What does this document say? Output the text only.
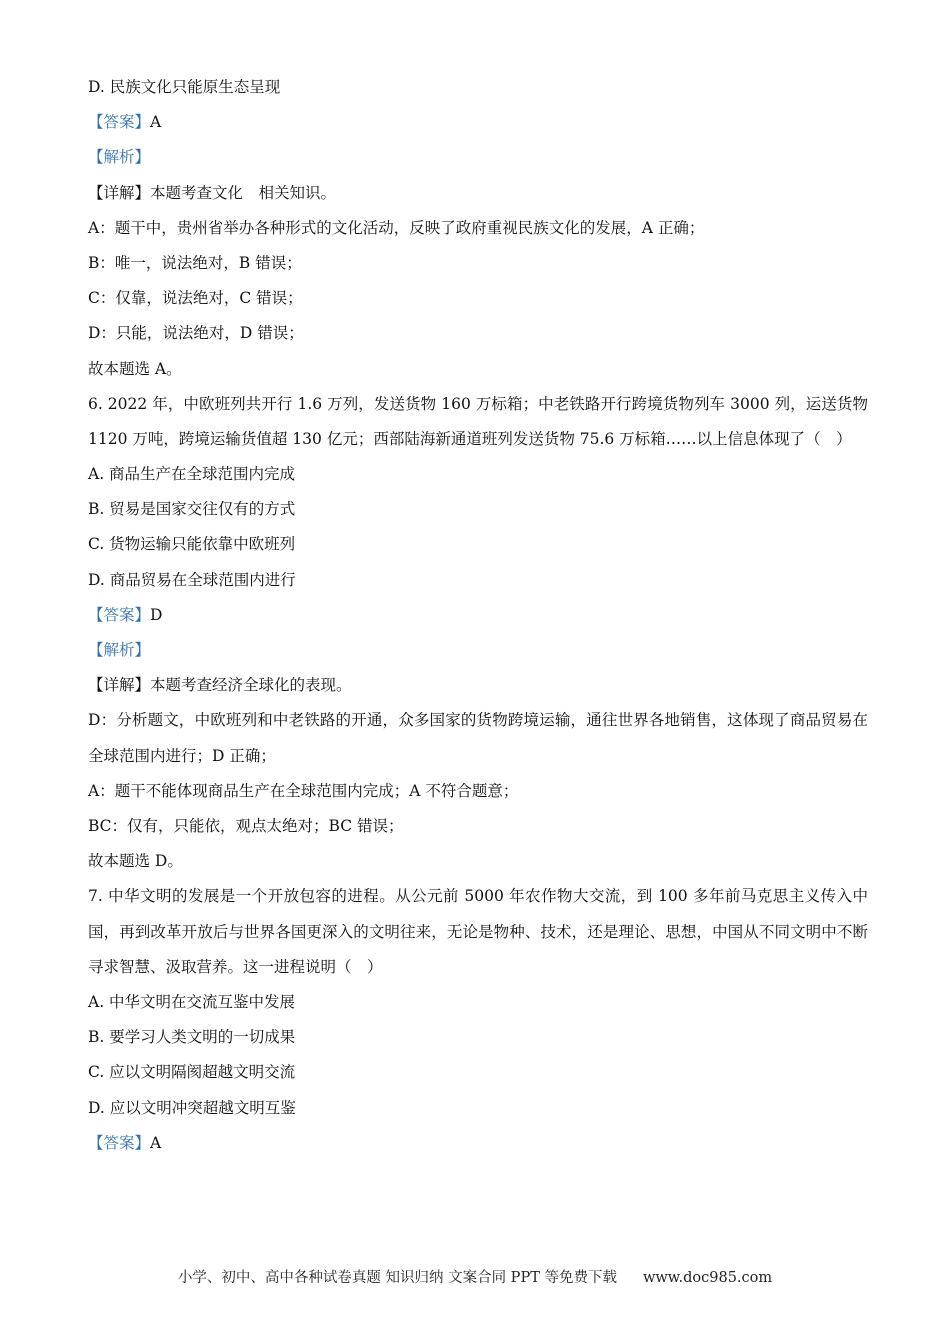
D. 民族文化只能原生态呈现
【答案】A
【解析】
【详解】本题考查文化　相关知识。
A：题干中，贵州省举办各种形式的文化活动，反映了政府重视民族文化的发展，A 正确；
B：唯一，说法绝对，B 错误；
C：仅靠，说法绝对，C 错误；
D：只能，说法绝对，D 错误；
故本题选 A。
6. 2022 年，中欧班列共开行 1.6 万列，发送货物 160 万标箱；中老铁路开行跨境货物列车 3000 列，运送货物 1120 万吨，跨境运输货值超 130 亿元；西部陆海新通道班列发送货物 75.6 万标箱……以上信息体现了（　）
A. 商品生产在全球范围内完成
B. 贸易是国家交往仅有的方式
C. 货物运输只能依靠中欧班列
D. 商品贸易在全球范围内进行
【答案】D
【解析】
【详解】本题考查经济全球化的表现。
D：分析题文，中欧班列和中老铁路的开通，众多国家的货物跨境运输，通往世界各地销售，这体现了商品贸易在全球范围内进行；D 正确；
A：题干不能体现商品生产在全球范围内完成；A 不符合题意；
BC：仅有，只能依，观点太绝对；BC 错误；
故本题选 D。
7. 中华文明的发展是一个开放包容的进程。从公元前 5000 年农作物大交流，到 100 多年前马克思主义传入中国，再到改革开放后与世界各国更深入的文明往来，无论是物种、技术，还是理论、思想，中国从不同文明中不断寻求智慧、汲取营养。这一进程说明（　）
A. 中华文明在交流互鉴中发展
B. 要学习人类文明的一切成果
C. 应以文明隔阂超越文明交流
D. 应以文明冲突超越文明互鉴
【答案】A
小学、初中、高中各种试卷真题 知识归纳 文案合同 PPT 等免费下载 www.doc985.com
